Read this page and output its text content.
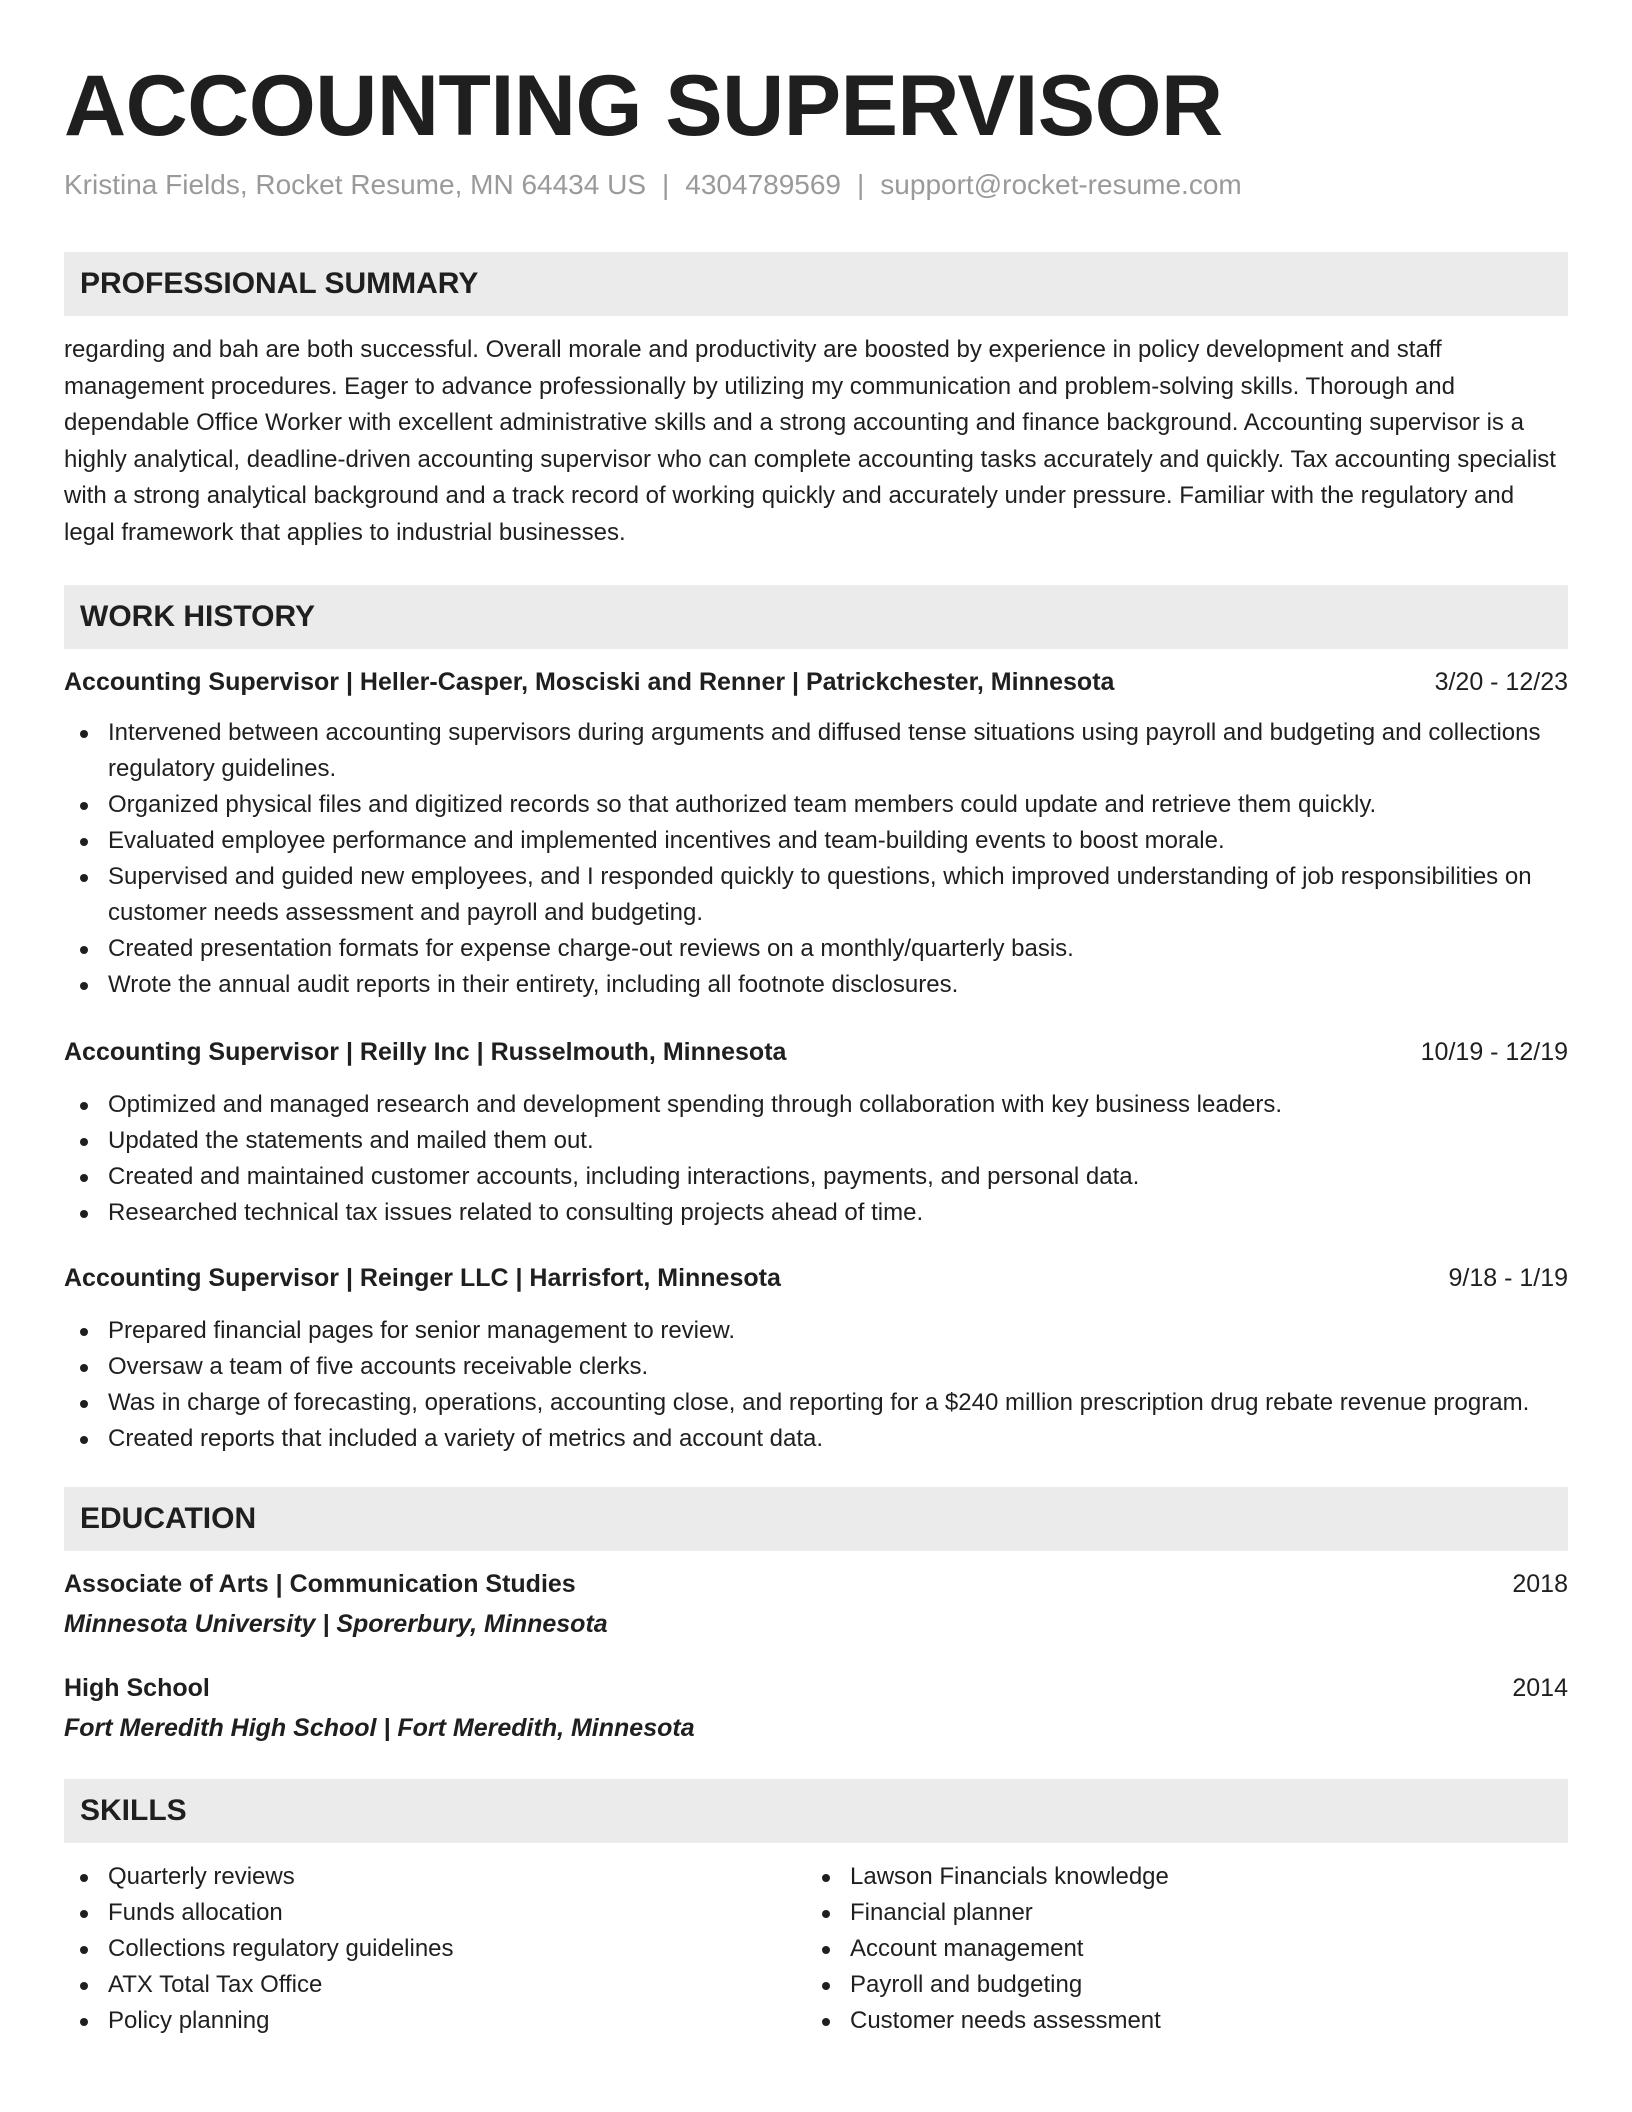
ACCOUNTING SUPERVISOR
Kristina Fields, Rocket Resume, MN 64434 US | 4304789569 | support@rocket-resume.com
PROFESSIONAL SUMMARY
regarding and bah are both successful. Overall morale and productivity are boosted by experience in policy development and staff management procedures. Eager to advance professionally by utilizing my communication and problem-solving skills. Thorough and dependable Office Worker with excellent administrative skills and a strong accounting and finance background. Accounting supervisor is a highly analytical, deadline-driven accounting supervisor who can complete accounting tasks accurately and quickly. Tax accounting specialist with a strong analytical background and a track record of working quickly and accurately under pressure. Familiar with the regulatory and legal framework that applies to industrial businesses.
WORK HISTORY
Accounting Supervisor | Heller-Casper, Mosciski and Renner | Patrickchester, Minnesota	3/20 - 12/23
Intervened between accounting supervisors during arguments and diffused tense situations using payroll and budgeting and collections regulatory guidelines.
Organized physical files and digitized records so that authorized team members could update and retrieve them quickly.
Evaluated employee performance and implemented incentives and team-building events to boost morale.
Supervised and guided new employees, and I responded quickly to questions, which improved understanding of job responsibilities on customer needs assessment and payroll and budgeting.
Created presentation formats for expense charge-out reviews on a monthly/quarterly basis.
Wrote the annual audit reports in their entirety, including all footnote disclosures.
Accounting Supervisor | Reilly Inc | Russelmouth, Minnesota	10/19 - 12/19
Optimized and managed research and development spending through collaboration with key business leaders.
Updated the statements and mailed them out.
Created and maintained customer accounts, including interactions, payments, and personal data.
Researched technical tax issues related to consulting projects ahead of time.
Accounting Supervisor | Reinger LLC | Harrisfort, Minnesota	9/18 - 1/19
Prepared financial pages for senior management to review.
Oversaw a team of five accounts receivable clerks.
Was in charge of forecasting, operations, accounting close, and reporting for a $240 million prescription drug rebate revenue program.
Created reports that included a variety of metrics and account data.
EDUCATION
Associate of Arts | Communication Studies	2018
Minnesota University | Sporerbury, Minnesota
High School	2014
Fort Meredith High School | Fort Meredith, Minnesota
SKILLS
Quarterly reviews
Funds allocation
Collections regulatory guidelines
ATX Total Tax Office
Policy planning
Lawson Financials knowledge
Financial planner
Account management
Payroll and budgeting
Customer needs assessment
